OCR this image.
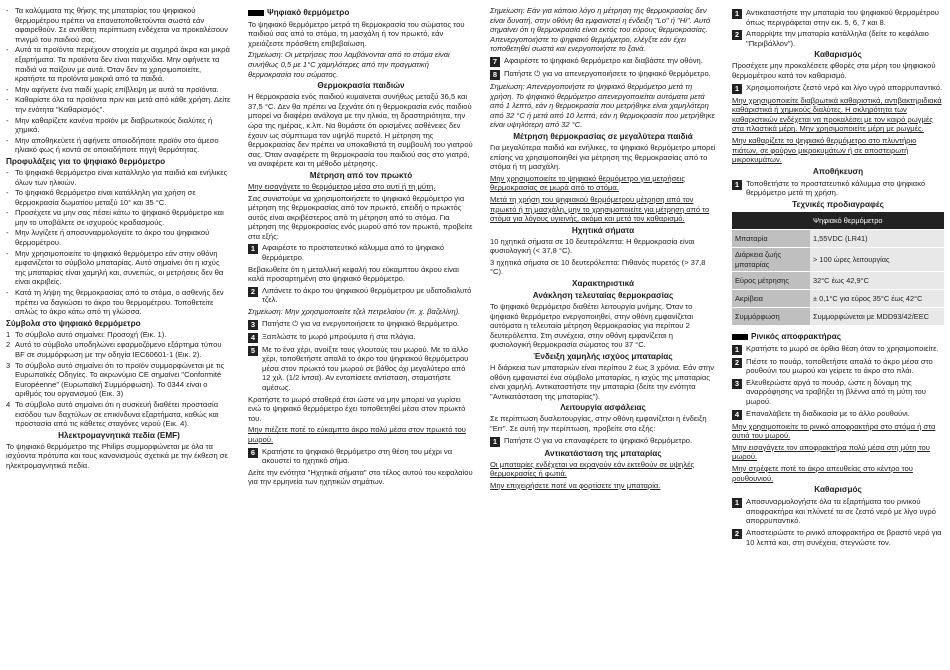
- Τα καλύμματα της θήκης της μπαταρίας του ψηφιακού θερμομέτρου πρέπει να επανατοποθετούνται σωστά εάν αφαιρεθούν. Σε αντίθετη περίπτωση ενδέχεται να προκαλέσουν πνιγμό του παιδιού σας.
- Αυτά τα προϊόντα περιέχουν στοιχεία με αιχμηρά άκρα και μικρά εξαρτήματα. Τα προϊόντα δεν είναι παιχνίδια. Μην αφήνετε τα παιδιά να παίζουν με αυτά. Όταν δεν τα χρησιμοποιείτε, κρατήστε τα προϊόντα μακριά από τα παιδιά.
- Μην αφήνετε ένα παιδί χωρίς επίβλεψη με αυτά τα προϊόντα.
- Καθαρίστε όλα τα προϊόντα πριν και μετά από κάθε χρήση. Δείτε την ενότητα "Καθαρισμός".
- Μην καθαρίζετε κανένα προϊόν με διαβρωτικούς διαλύτες ή χημικά.
- Μην αποθηκεύετε ή αφήνετε οποιοδήποτε προϊόν στο άμεσο ηλιακό φως ή κοντά σε οποιαδήποτε πηγή θερμότητας.
Προφυλάξεις για το ψηφιακό θερμόμετρο
- Το ψηφιακό θερμόμετρο είναι κατάλληλο για παιδιά και ενήλικες όλων των ηλικιών.
- Το ψηφιακό θερμόμετρο είναι κατάλληλη για χρήση σε θερμοκρασία δωματίου μεταξύ 10° και 35 °C.
- Προσέχετε να μην σας πέσει κάτω το ψηφιακό θερμόμετρο και μην το υποβάλετε σε ισχυρούς κραδασμούς.
- Μην λυγίζετε ή αποσυναρμολογείτε το άκρο του ψηφιακού θερμομέτρου.
- Μην χρησιμοποιείτε το ψηφιακό θερμόμετρο εάν στην οθόνη εμφανίζεται το σύμβολο μπαταρίας. Αυτό σημαίνει ότι η ισχύς της μπαταρίας είναι χαμηλή και, συνεπώς, οι μετρήσεις δεν θα είναι ακριβείς.
- Κατά τη λήψη της θερμοκρασίας από το στόμα, ο ασθενής δεν πρέπει να δαγκώσει το άκρο του θερμομέτρου. Τοποθετείτε απλώς το άκρο κάτω από τη γλώσσα.
Σύμβολα στο ψηφιακό θερμόμετρο
1 Το σύμβολο αυτό σημαίνει: Προσοχή (Εικ. 1).
2 Αυτό το σύμβολο υποδηλώνει εφαρμοζόμενο εξάρτημα τύπου BF σε συμμόρφωση με την οδηγία IEC60601-1 (Εικ. 2).
3 Το σύμβολο αυτό σημαίνει ότι το προϊόν συμμορφώνεται με τις Ευρωπαϊκές Οδηγίες. Το ακρωνύμιο CE σημαίνει "Conformité Européenne" (Ευρωπαϊκή Συμμόρφωση). Το 0344 είναι ο αριθμός του οργανισμού (Εικ. 3)
4 Το σύμβολο αυτό σημαίνει ότι η συσκευή διαθέτει προστασία εισόδου των δαχτύλων σε επικίνδυνα εξαρτήματα, καθώς και προστασία από τις κάθετες σταγόνες νερού (Εικ. 4).
Ηλεκτρομαγνητικά πεδία (EMF)

Το ψηφιακό θερμόμετρο της Philips συμμορφώνεται με όλα τα ισχύοντα πρότυπα και τους κανονισμούς σχετικά με την έκθεση σε ηλεκτρομαγνητικά πεδία.

Ψηφιακό θερμόμετρο

Το ψηφιακό θερμόμετρο μετρά τη θερμοκρασία του σώματος του παιδιού σας από το στόμα, τη μασχάλη ή τον πρωκτό, εάν χρειάζεστε πρόσθετη επιβεβαίωση.

Σημείωση: Οι μετρήσεις που λαμβάνονται από το στόμα είναι συνήθως 0,5 με 1°C χαμηλότερες από την πραγματική θερμοκρασία του σώματος.

Θερμοκρασία παιδιών

Η θερμοκρασία ενός παιδιού κυμαίνεται συνήθως μεταξύ 36,5 και 37,5 °C. Δεν θα πρέπει να ξεχνάτε ότι η θερμοκρασία ενός παιδιού μπορεί να διαφέρει ανάλογα με την ηλικία, τη δραστηριότητα, την ώρα της ημέρας, κ.λπ. Να θυμάστε ότι ορισμένες ασθένειες δεν έχουν ως σύμπτωμα τον υψηλό πυρετό. Η μέτρηση της θερμοκρασίας δεν πρέπει να υποκαθιστά τη συμβουλή του γιατρού σας. Όταν αναφέρετε τη θερμοκρασία του παιδιού σας στο γιατρό, να αναφέρετε και τη μέθοδο μέτρησης.

Μέτρηση από τον πρωκτό

Μην εισαγάγετε το θερμόμετρο μέσα στο αυτί ή τη μύτη.

Σας συνιστούμε να χρησιμοποιήσετε το ψηφιακό θερμόμετρο για μέτρηση της θερμοκρασίας από τον πρωκτό, επειδή ο πρωκτός αυτός είναι ακριβέστερος από τη μέτρηση από το στόμα. Για μέτρηση της θερμοκρασίας ενός μωρού από τον πρωκτό, προβείτε στα εξής:

1 Αφαιρέστε το προστατευτικό κάλυμμα από το ψηφιακό θερμόμετρο.

Βεβαιωθείτε ότι η μεταλλική κεφαλή του εύκαμπτου άκρου είναι καλά προσαρτημένη στο ψηφιακό θερμόμετρο.

2 Λιπάνετε το άκρο του ψηφιακού θερμόμετρου με υδατοδιαλυτό τζελ.

Σημείωση: Μην χρησιμοποιείτε τζελ πετρελαίου (π. χ. βαζελίνη).

3 Πατήστε ⏻ για να ενεργοποιήσετε το ψηφιακό θερμόμετρο.
4 Ξαπλώστε το μωρό μπρούμυτα ή στα πλάγια.
5 Με το ένα χέρι, ανοίξτε τους γλουτούς του μωρού. Με το άλλο χέρι, τοποθετήστε απαλά το άκρο του ψηφιακού θερμόμετρου μέσα στον πρωκτό του μωρού σε βάθος όχι μεγαλύτερο από 12 χιλ. (1/2 ίντσα). Αν εντοπίσετε αντίσταση, σταματήστε αμέσως.

Κρατήστε το μωρό σταθερά έτσι ώστε να μην μπορεί να γυρίσει ενώ το ψηφιακό θερμόμετρο έχει τοποθετηθεί μέσα στον πρωκτό του.

Μην πιέζετε ποτέ το εύκαμπτο άκρο πολύ μέσα στον πρωκτό του μωρού.

6 Κρατήστε το ψηφιακό θερμόμετρο στη θέση του μέχρι να ακουστεί το ηχητικό σήμα.

Δείτε την ενότητα "Ηχητικά σήματα" στο τέλος αυτού του κεφαλαίου για την ερμηνεία των ηχητικών σημάτων.

Σημείωση: Εάν για κάποιο λόγο η μέτρηση της θερμοκρασίας δεν είναι δυνατή, στην οθόνη θα εμφανιστεί η ένδειξη "Lo" ή "Hi". Αυτό σημαίνει ότι η θερμοκρασία είναι εκτός του εύρους θερμοκρασίας. Απενεργοποιήστε το ψηφιακό θερμόμετρο, ελέγξτε εάν έχει τοποθετηθεί σωστά και ενεργοποιήστε το ξανά.

7 Αφαιρέστε το ψηφιακό θερμόμετρο και διαβάστε την οθόνη.
8 Πατήστε ⏻ για να απενεργοποιήσετε το ψηφιακό θερμόμετρο.

Σημείωση: Απενεργοποιήστε το ψηφιακό θερμόμετρο μετά τη χρήση. Το ψηφιακό θερμόμετρο απενεργοποιείται αυτόματα μετά από 1 λεπτό, εάν η θερμοκρασία που μετρήθηκε είναι χαμηλότερη από 32 °C ή μετά από 10 λεπτά, εάν η θερμοκρασία που μετρήθηκε είναι υψηλότερη από 32 °C.

Μέτρηση θερμοκρασίας σε μεγαλύτερα παιδιά

Για μεγαλύτερα παιδιά και ενήλικες, το ψηφιακό θερμόμετρο μπορεί επίσης να χρησιμοποιηθεί για μέτρηση της θερμοκρασίας από το στόμα ή τη μασχάλη.

Μην χρησιμοποιείτε το ψηφιακό θερμόμετρο για μετρήσεις θερμοκρασίας σε μωρά από το στόμα.

Μετά τη χρήση του ψηφιακού θερμόμετρου μέτρηση από τον πρωκτό ή τη μασχάλη, μην το χρησιμοποιείτε για μέτρηση από το στόμα για λόγους υγιεινής, ακόμα και μετά τον καθαρισμό.

Ηχητικά σήματα

10 ηχητικά σήματα σε 10 δευτερόλεπτα: Η θερμοκρασία είναι φυσιολογική (< 37,8 °C).

3 ηχητικά σήματα σε 10 δευτερόλεπτα: Πιθανός πυρετός (> 37,8 °C).

Χαρακτηριστικά
Ανάκληση τελευταίας θερμοκρασίας

Το ψηφιακό θερμόμετρο διαθέτει λειτουργία μνήμης. Όταν το ψηφιακό θερμόμετρο ενεργοποιηθεί, στην οθόνη εμφανίζεται αυτόματα η τελευταία μέτρηση θερμοκρασίας για περίπου 2 δευτερόλεπτα. Στη συνέχεια, στην οθόνη εμφανίζεται η φυσιολογική θερμοκρασία σώματος του 37 °C.

Ένδειξη χαμηλής ισχύος μπαταρίας

Η διάρκεια των μπαταριών είναι περίπου 2 έως 3 χρόνια. Εάν στην οθόνη εμφανιστεί ένα σύμβολο μπαταρίας, η ισχύς της μπαταρίας είναι χαμηλή. Αντικαταστήστε την μπαταρία (δείτε την ενότητα "Αντικατάσταση της μπαταρίας").

Λειτουργία ασφάλειας

Σε περίπτωση δυσλειτουργίας, στην οθόνη εμφανίζεται η ένδειξη "Err". Σε αυτή την περίπτωση, προβείτε στα εξής:

1 Πατήστε ⏻ για να επαναφέρετε το ψηφιακό θερμόμετρο.
Αντικατάσταση της μπαταρίας

Οι μπαταρίες ενδέχεται να εκραγούν εάν εκτεθούν σε υψηλές θερμοκρασίες ή φωτιά.

Μην επιχειρήσετε ποτέ να φορτίσετε την μπαταρία.

1 Αντικαταστήστε την μπαταρία του ψηφιακού θερμομέτρου όπως περιγράφεται στην εικ. 5, 6, 7 και 8.
2 Απορρίψτε την μπαταρία κατάλληλα (δείτε το κεφάλαιο "Περιβάλλον").
Καθαρισμός

Προσέχετε μην προκαλέσετε φθορές στα μέρη του ψηφιακού θερμομέτρου κατά τον καθαρισμό.

1 Χρησιμοποιήστε ζεστό νερό και λίγο υγρό απορρυπαντικό.

Μην χρησιμοποιείτε διαβρωτικά καθαριστικά, αντιβακτηριδιακά καθαριστικά ή χημικούς διαλύτες. Η σκληρότητα των καθαριστικών ενδέχεται να προκαλέσει με τον καιρό ρωγμές στα πλαστικά μέρη. Μην χρησιμοποιείτε μέρη με ρωγμές.

Μην καθαρίζετε το ψηφιακό θερμόμετρο στο πλυντήριο πιάτων, σε φούρνο μικροκυμάτων ή σε αποστειρωτή μικροκυμάτων.

Αποθήκευση
1 Τοποθετήστε το προστατευτικό κάλυμμα στο ψηφιακό θερμόμετρο μετά τη χρήση.
Τεχνικές προδιαγραφές
	Ψηφιακό θερμόμετρο
Μπαταρία	1,55VDC (LR41)
Διάρκεια ζωής μπαταρίας	> 100 ώρες λειτουργίας
Εύρος μέτρησης	32°C έως 42,9°C
Ακρίβεια	± 0,1°C για εύρος 35°C έως 42°C
Συμμόρφωση	Συμμορφώνεται με MDD93/42/EEC
Ρινικός αποφρακτήρας
1 Κρατήστε το μωρό σε όρθια θέση όταν το χρησιμοποιείτε.
2 Πιέστε το πουάρ, τοποθετήστε απαλά το άκρο μέσα στο ρουθούνι του μωρού και γείρετε το άκρο στο πλάι.
3 Ελευθερώστε αργά το πουάρ, ώστε η δύναμη της αναρρόφησης να τραβήξει τη βλέννα από τη μύτη του μωρού.
4 Επαναλάβετε τη διαδικασία με το άλλο ρουθούνι.

Μην χρησιμοποιείτε το ρινικό αποφρακτήρα στο στόμα ή στα αυτιά του μωρού.

Μην εισαγάγετε τον αποφρακτήρα πολύ μέσα στη μύτη του μωρού.

Μην στρέφετε ποτέ το άκρο απευθείας στο κέντρο του ρουθουνιού.

Καθαρισμός
1 Αποσυναρμολογήστε όλα τα εξαρτήματα του ρινικού αποφρακτήρα και πλύνετέ τα σε ζεστό νερό με λίγο υγρό απορρυπαντικό.
2 Αποστειρώστε το ρινικό αποφρακτήρα σε βραστό νερό για 10 λεπτά και, στη συνέχεια, στεγνώστε τον.
